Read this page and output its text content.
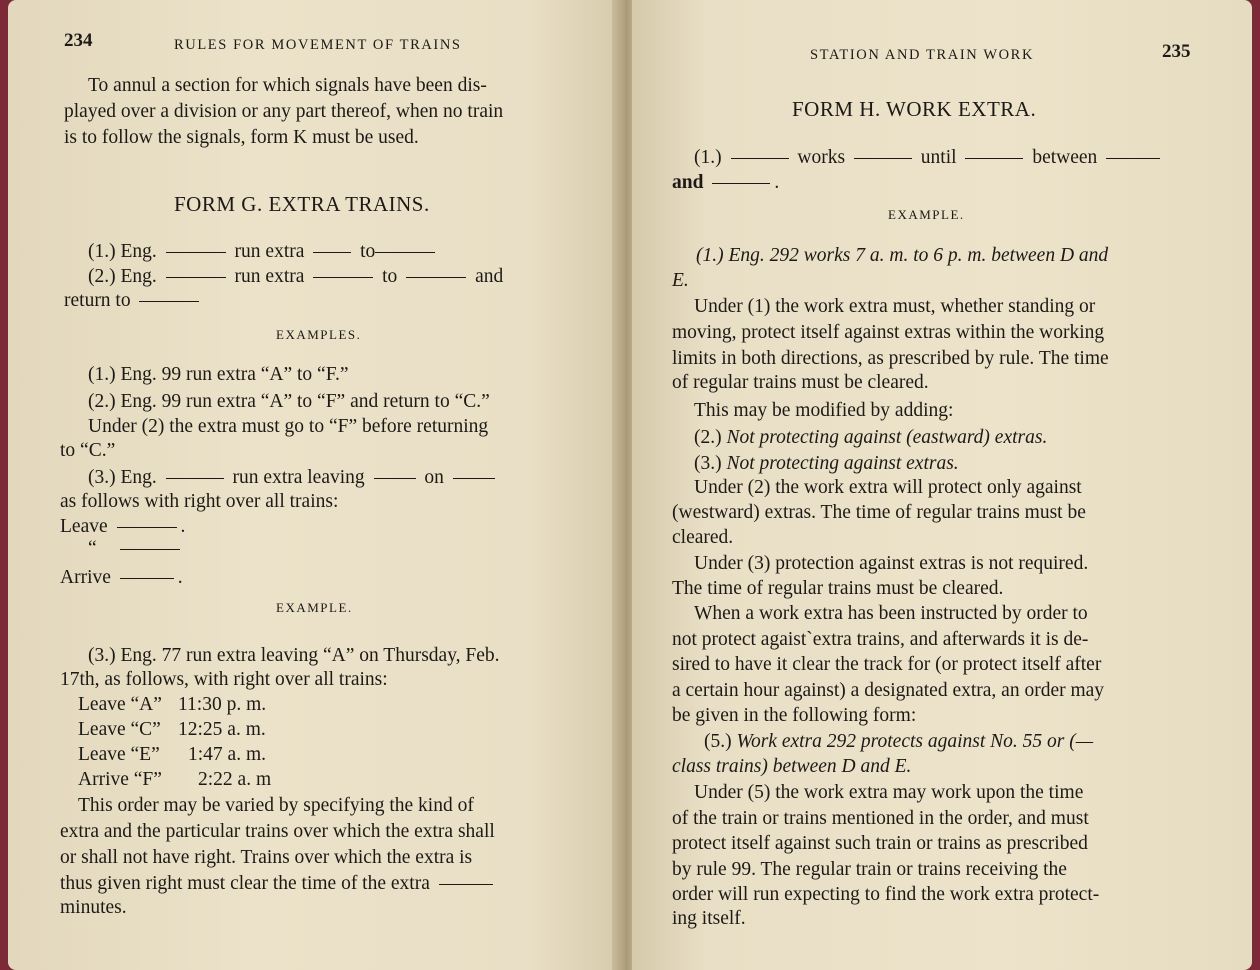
234	RULES FOR MOVEMENT OF TRAINS
To annul a section for which signals have been dis-
played over a division or any part thereof, when no train
is to follow the signals, form K must be used.
FORM G. EXTRA TRAINS.
(1.) Eng.	run extra	to
(2.) Eng.	run extra	to	and
return to
EXAMPLES.
(1.) Eng. 99 run extra “A” to “F.”
(2.) Eng. 99 run extra “A” to “F” and return to “C.”
Under (2) the extra must go to “F” before returning
to “C.”
(3.) Eng.	run extra leaving	on
as follows with right over all trains:
Leave	.
“
Arrive	.
EXAMPLE.
(3.) Eng. 77 run extra leaving “A” on Thursday, Feb.
17th, as follows, with right over all trains:
Leave “A” 11:30 p. m.
Leave “C” 12:25 a. m.
Leave “E” 1:47 a. m.
Arrive “F” 2:22 a. m
This order may be varied by specifying the kind of
extra and the particular trains over which the extra shall
or shall not have right. Trains over which the extra is
thus given right must clear the time of the extra
minutes.
STATION AND TRAIN WORK	235
FORM H. WORK EXTRA.
(1.)	works	until	between
and	.
EXAMPLE.
(1.) Eng. 292 works 7 a. m. to 6 p. m. between D and
E.
Under (1) the work extra must, whether standing or
moving, protect itself against extras within the working
limits in both directions, as prescribed by rule. The time
of regular trains must be cleared.
This may be modified by adding:
(2.) Not protecting against (eastward) extras.
(3.) Not protecting against extras.
Under (2) the work extra will protect only against
(westward) extras. The time of regular trains must be
cleared.
Under (3) protection against extras is not required.
The time of regular trains must be cleared.
When a work extra has been instructed by order to
not protect agaistˋextra trains, and afterwards it is de-
sired to have it clear the track for (or protect itself after
a certain hour against) a designated extra, an order may
be given in the following form:
(5.) Work extra 292 protects against No. 55 or (—
class trains) between D and E.
Under (5) the work extra may work upon the time
of the train or trains mentioned in the order, and must
protect itself against such train or trains as prescribed
by rule 99. The regular train or trains receiving the
order will run expecting to find the work extra protect-
ing itself.
